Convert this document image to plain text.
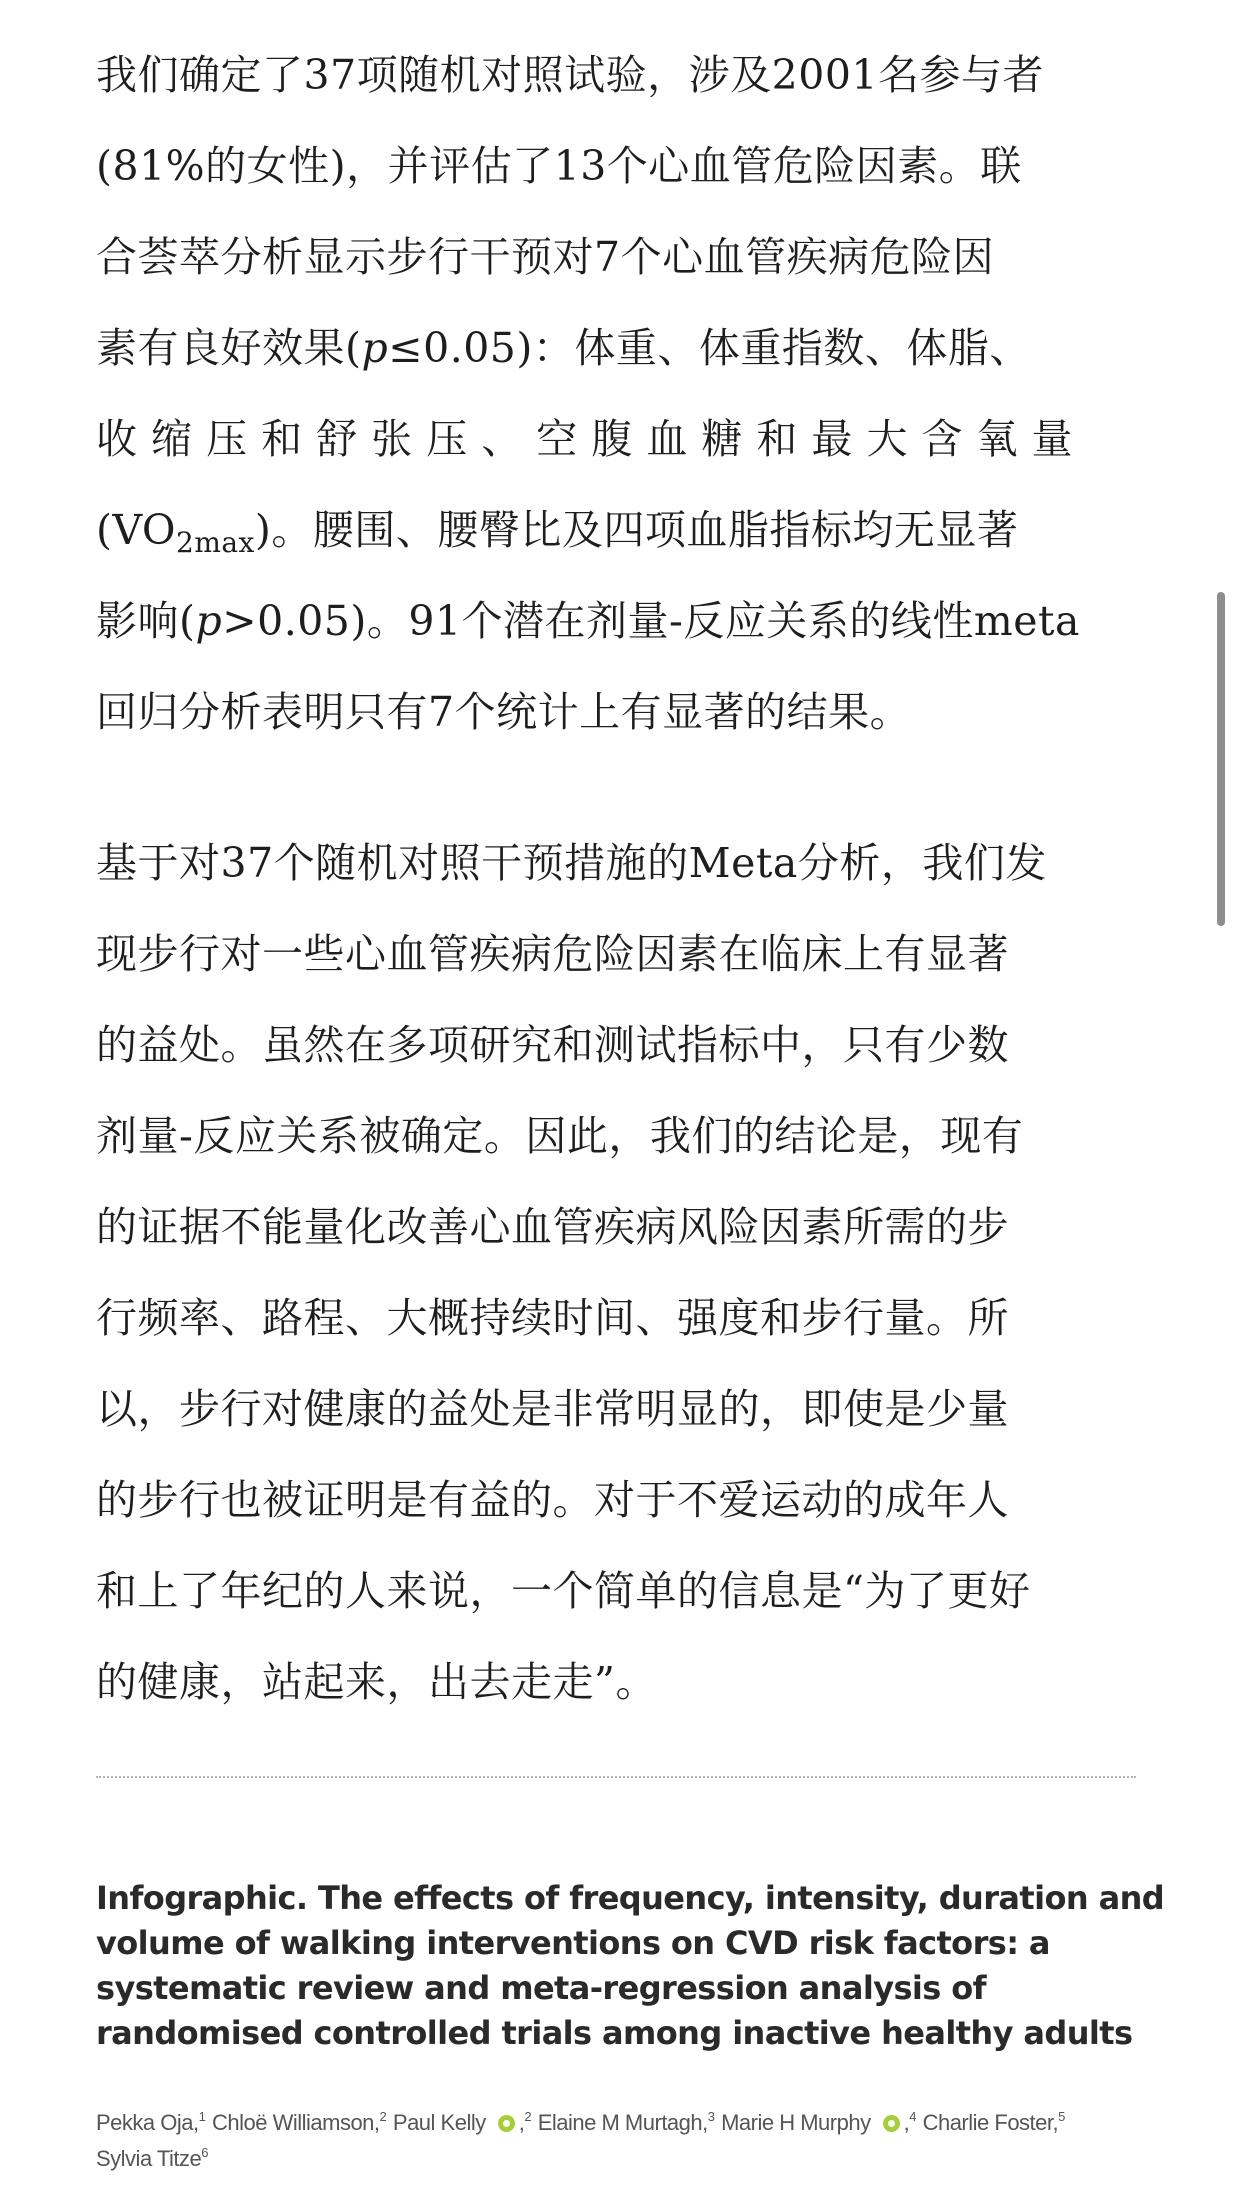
我们确定了37项随机对照试验，涉及2001名参与者
(81%的女性)，并评估了13个心血管危险因素。联
合荟萃分析显示步行干预对7个心血管疾病危险因
素有良好效果(p≤0.05)：体重、体重指数、体脂、
收 缩 压 和 舒 张 压 、 空 腹 血 糖 和 最 大 含 氧 量
$(VO_{2max})$。腰围、腰臀比及四项血脂指标均无显著
影响(p>0.05)。91个潜在剂量-反应关系的线性meta
回归分析表明只有7个统计上有显著的结果。
基于对37个随机对照干预措施的Meta分析，我们发
现步行对一些心血管疾病危险因素在临床上有显著
的益处。虽然在多项研究和测试指标中，只有少数
剂量-反应关系被确定。因此，我们的结论是，现有
的证据不能量化改善心血管疾病风险因素所需的步
行频率、路程、大概持续时间、强度和步行量。所
以，步行对健康的益处是非常明显的，即使是少量
的步行也被证明是有益的。对于不爱运动的成年人
和上了年纪的人来说，一个简单的信息是“为了更好
的健康，站起来，出去走走”。
Infographic. The effects of frequency, intensity, duration and
volume of walking interventions on CVD risk factors: a
systematic review and meta-regression analysis of
randomised controlled trials among inactive healthy adults
Pekka Oja,$^1$ Chloë Williamson,$^2$ Paul Kelly ,$^2$ Elaine M Murtagh,$^3$ Marie H Murphy ,$^4$ Charlie Foster,$^5$
Sylvia Titze$^6$
